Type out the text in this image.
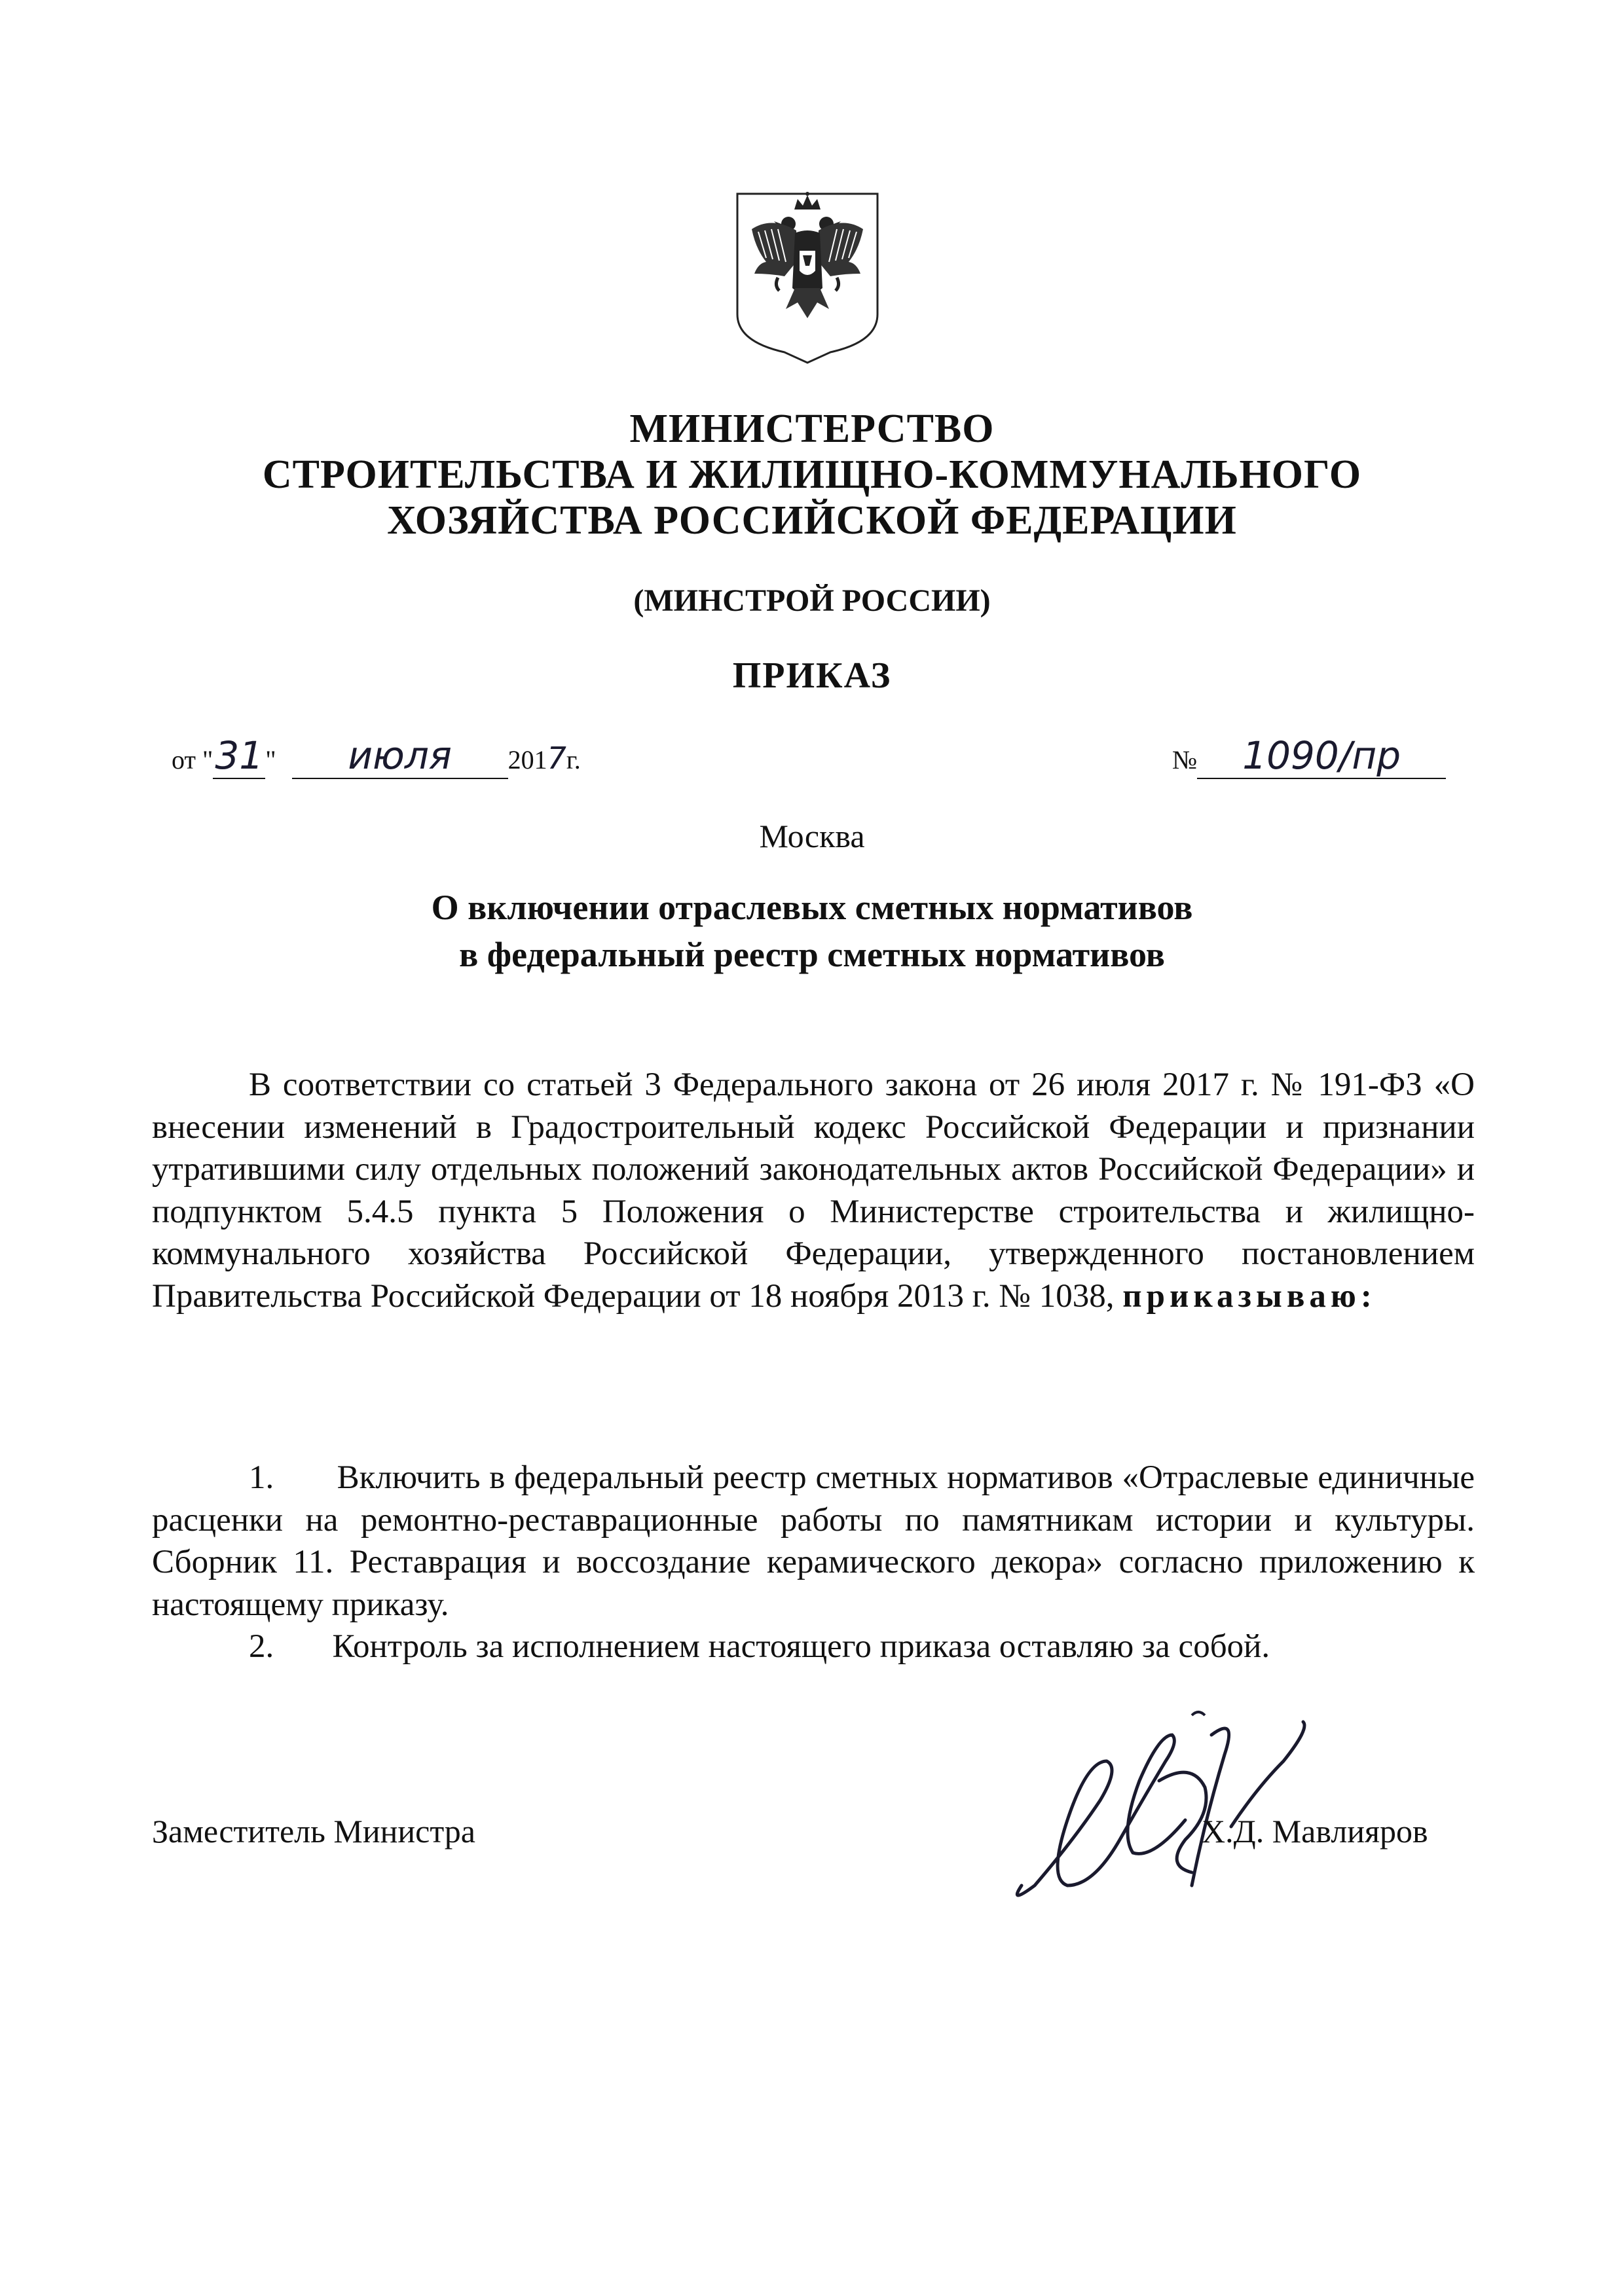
МИНИСТЕРСТВО
СТРОИТЕЛЬСТВА И ЖИЛИЩНО-КОММУНАЛЬНОГО
ХОЗЯЙСТВА РОССИЙСКОЙ ФЕДЕРАЦИИ
(МИНСТРОЙ РОССИИ)
ПРИКАЗ
от "31" июля 2017г.	№ 1090/пр
Москва
О включении отраслевых сметных нормативов
в федеральный реестр сметных нормативов
В соответствии со статьей 3 Федерального закона от 26 июля 2017 г. № 191-ФЗ «О внесении изменений в Градостроительный кодекс Российской Федерации и признании утратившими силу отдельных положений законодательных актов Российской Федерации» и подпунктом 5.4.5 пункта 5 Положения о Министерстве строительства и жилищно-коммунального хозяйства Российской Федерации, утвержденного постановлением Правительства Российской Федерации от 18 ноября 2013 г. № 1038, приказываю:
1. Включить в федеральный реестр сметных нормативов «Отраслевые единичные расценки на ремонтно-реставрационные работы по памятникам истории и культуры. Сборник 11. Реставрация и воссоздание керамического декора» согласно приложению к настоящему приказу.
2. Контроль за исполнением настоящего приказа оставляю за собой.
Заместитель Министра	Х.Д. Мавлияров
